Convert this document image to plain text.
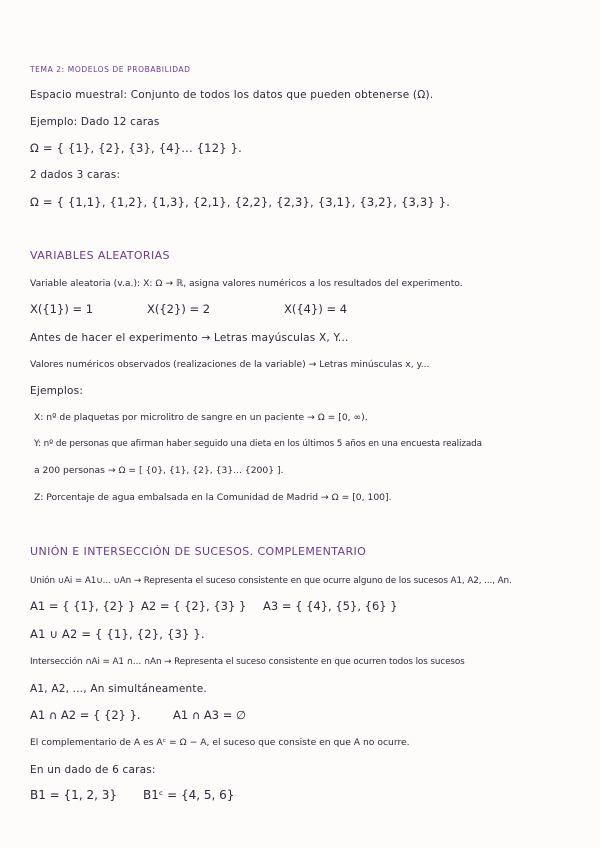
TEMA 2: MODELOS DE PROBABILIDAD
Espacio muestral: Conjunto de todos los datos que pueden obtenerse (Ω).
Ejemplo: Dado 12 caras
Ω = { {1}, {2}, {3}, {4}... {12} }.
2 dados 3 caras:
Ω = { {1,1}, {1,2}, {1,3}, {2,1}, {2,2}, {2,3}, {3,1}, {3,2}, {3,3} }.
VARIABLES ALEATORIAS
Variable aleatoria (v.a.): X: Ω → ℝ, asigna valores numéricos a los resultados del experimento.
X({1}) = 1	X({2}) = 2	X({4}) = 4
Antes de hacer el experimento → Letras mayúsculas X, Y...
Valores numéricos observados (realizaciones de la variable) → Letras minúsculas x, y...
Ejemplos:
X: nº de plaquetas por microlitro de sangre en un paciente → Ω = [0, ∞).
Y: nº de personas que afirman haber seguido una dieta en los últimos 5 años en una encuesta realizada
a 200 personas → Ω = [ {0}, {1}, {2}, {3}... {200} ].
Z: Porcentaje de agua embalsada en la Comunidad de Madrid → Ω = [0, 100].
UNIÓN E INTERSECCIÓN DE SUCESOS. COMPLEMENTARIO
Unión ∪Ai = A1∪... ∪An → Representa el suceso consistente en que ocurre alguno de los sucesos A1, A2, ..., An.
A1 = { {1}, {2} } A2 = { {2}, {3} } A3 = { {4}, {5}, {6} }
A1 ∪ A2 = { {1}, {2}, {3} }.
Intersección ∩Ai = A1 ∩... ∩An → Representa el suceso consistente en que ocurren todos los sucesos
A1, A2, ..., An simultáneamente.
A1 ∩ A2 = { {2} }.	A1 ∩ A3 = ∅
El complementario de A es Aᶜ = Ω − A, el suceso que consiste en que A no ocurre.
En un dado de 6 caras:
B1 = {1, 2, 3} B1ᶜ = {4, 5, 6}
